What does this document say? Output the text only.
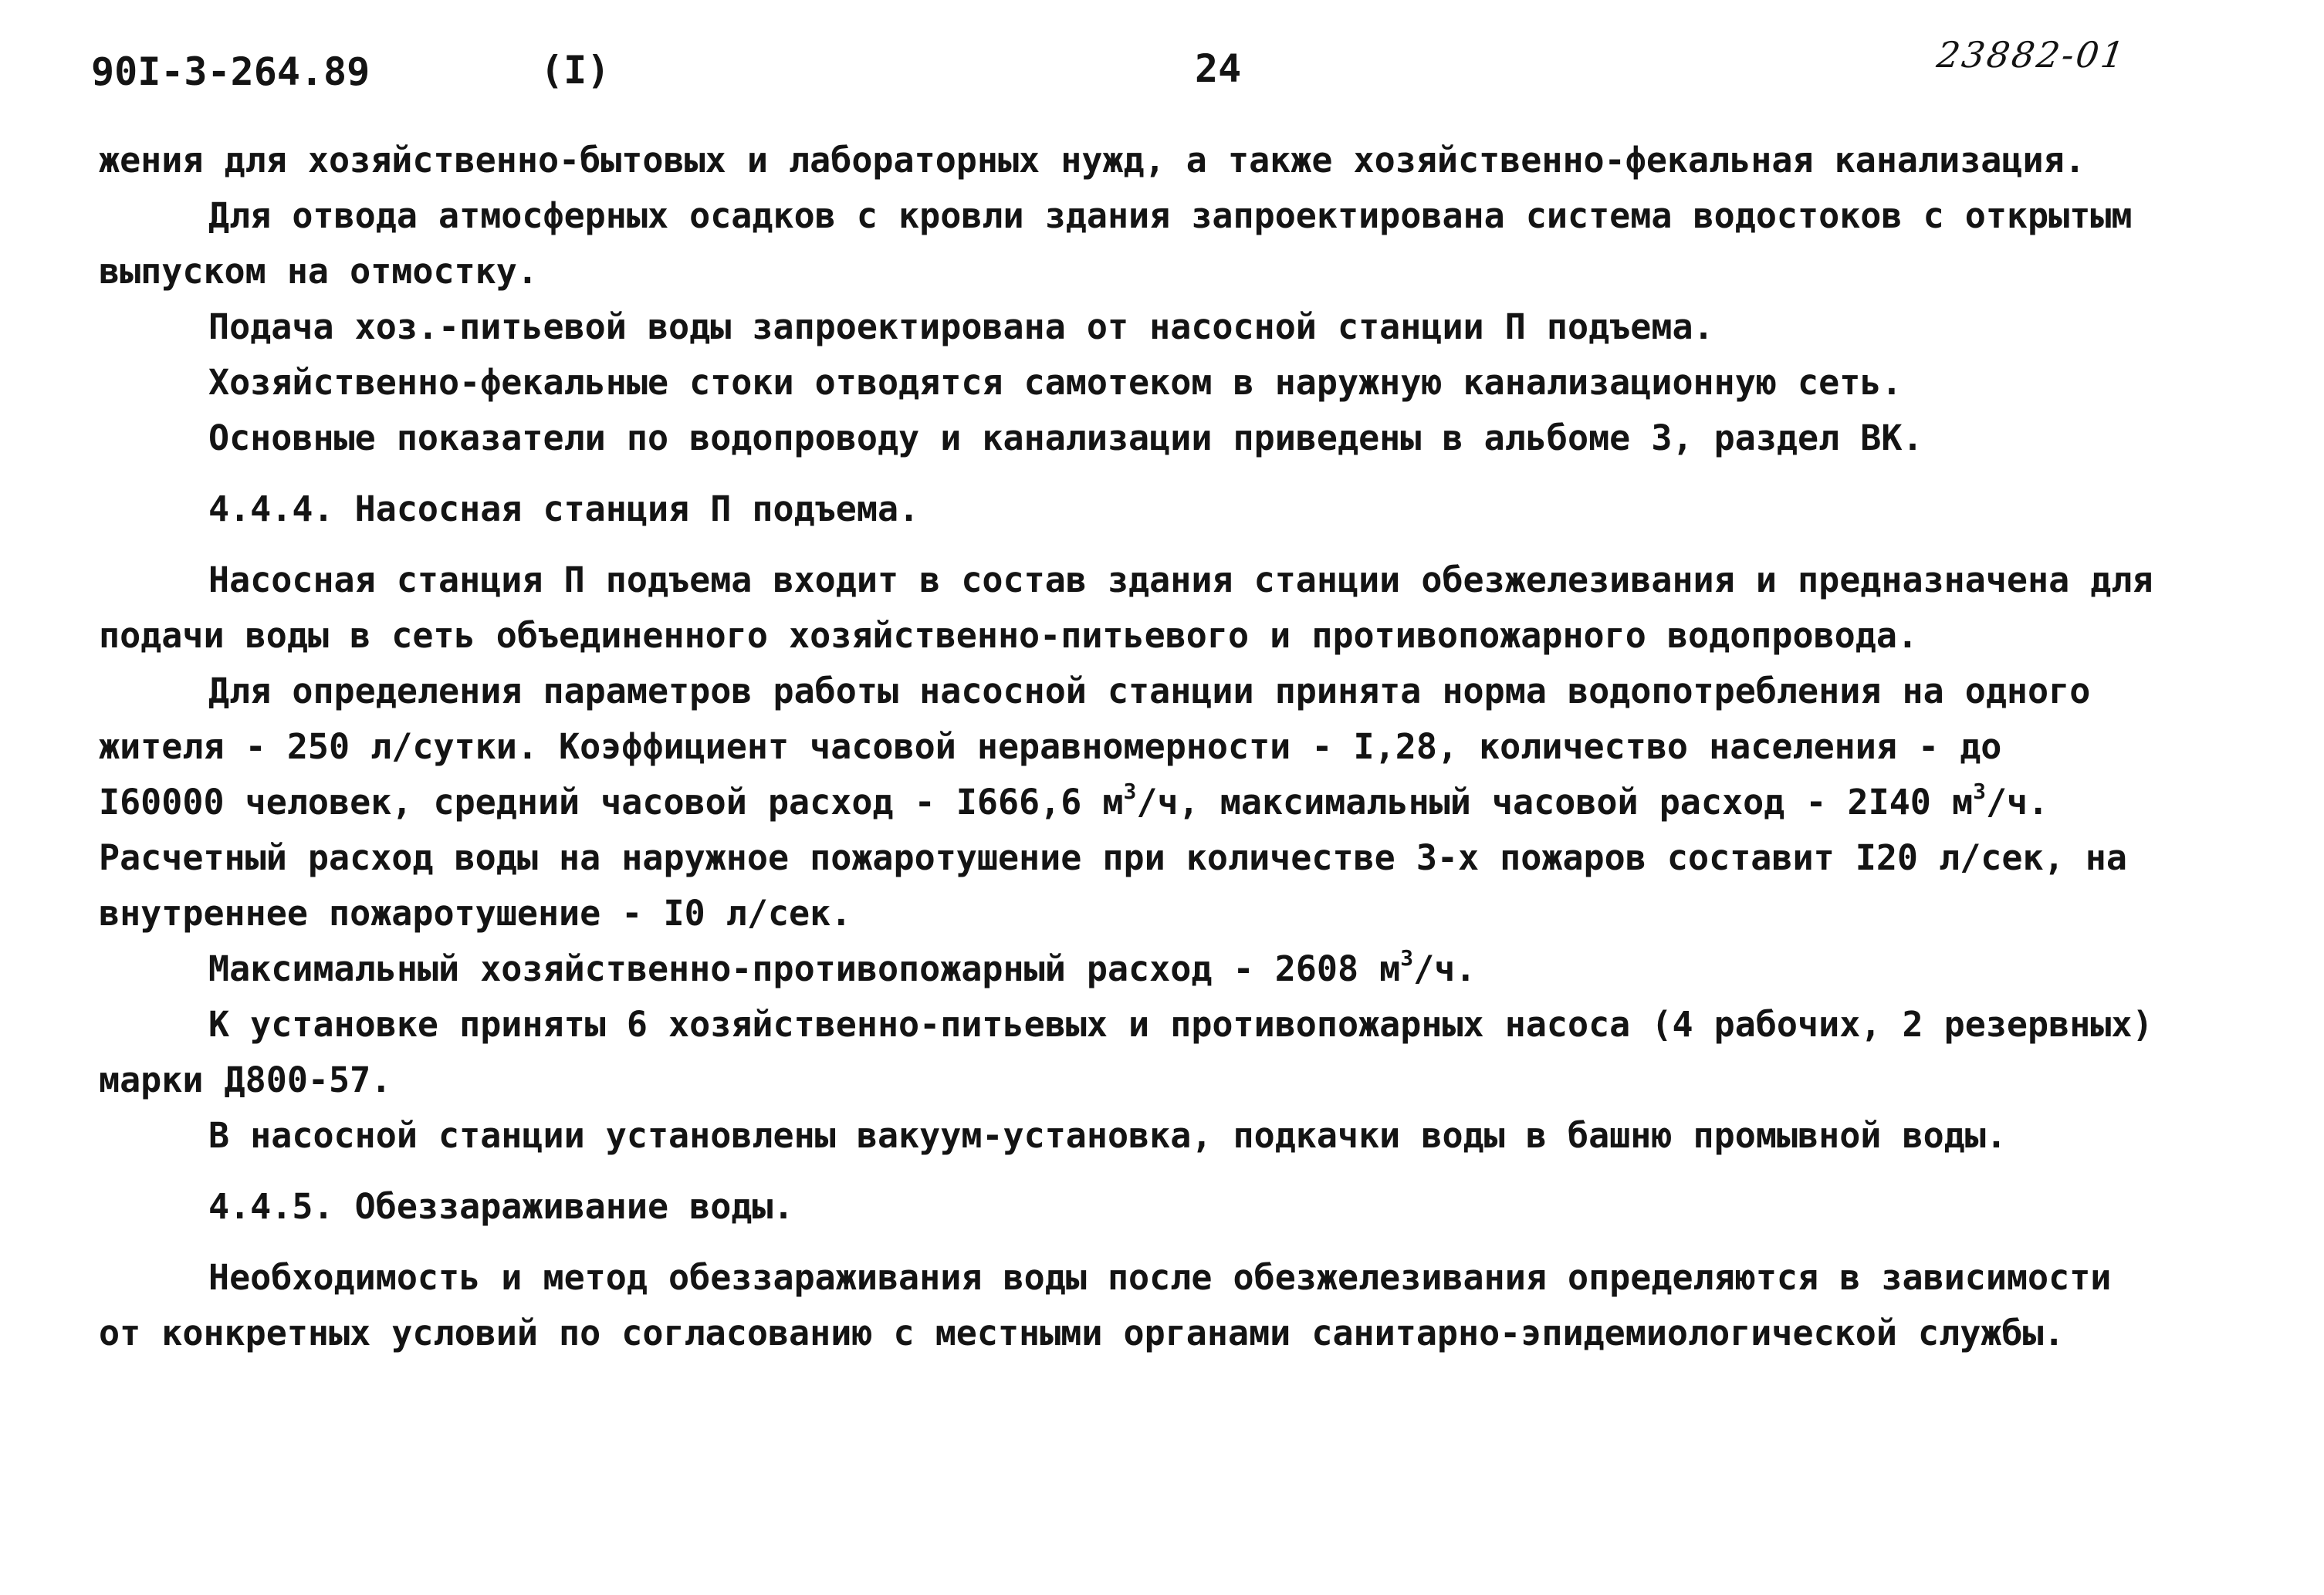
90I-3-264.89	(I)	24	23882-01
жения для хозяйственно-бытовых и лабораторных нужд, а также хозяйственно-фекальная канализация.
Для отвода атмосферных осадков с кровли здания запроектирована система водостоков с открытым
выпуском на отмостку.
Подача хоз.-питьевой воды запроектирована от насосной станции П подъема.
Хозяйственно-фекальные стоки отводятся самотеком в наружную канализационную сеть.
Основные показатели по водопроводу и канализации приведены в альбоме 3, раздел ВК.
4.4.4. Насосная станция П подъема.
Насосная станция П подъема входит в состав здания станции обезжелезивания и предназначена для
подачи воды в сеть объединенного хозяйственно-питьевого и противопожарного водопровода.
Для определения параметров работы насосной станции принята норма водопотребления на одного
жителя - 250 л/сутки. Коэффициент часовой неравномерности - I,28, количество населения - до
I60000 человек, средний часовой расход - I666,6 $м^3/ч$, максимальный часовой расход - 2I40 $м^3/ч$.
Расчетный расход воды на наружное пожаротушение при количестве 3-х пожаров составит I20 л/сек, на
внутреннее пожаротушение - I0 л/сек.
Максимальный хозяйственно-противопожарный расход - 2608 $м^3/ч$.
К установке приняты 6 хозяйственно-питьевых и противопожарных насоса (4 рабочих, 2 резервных)
марки Д800-57.
В насосной станции установлены вакуум-установка, подкачки воды в башню промывной воды.
4.4.5. Обеззараживание воды.
Необходимость и метод обеззараживания воды после обезжелезивания определяются в зависимости
от конкретных условий по согласованию с местными органами санитарно-эпидемиологической службы.
